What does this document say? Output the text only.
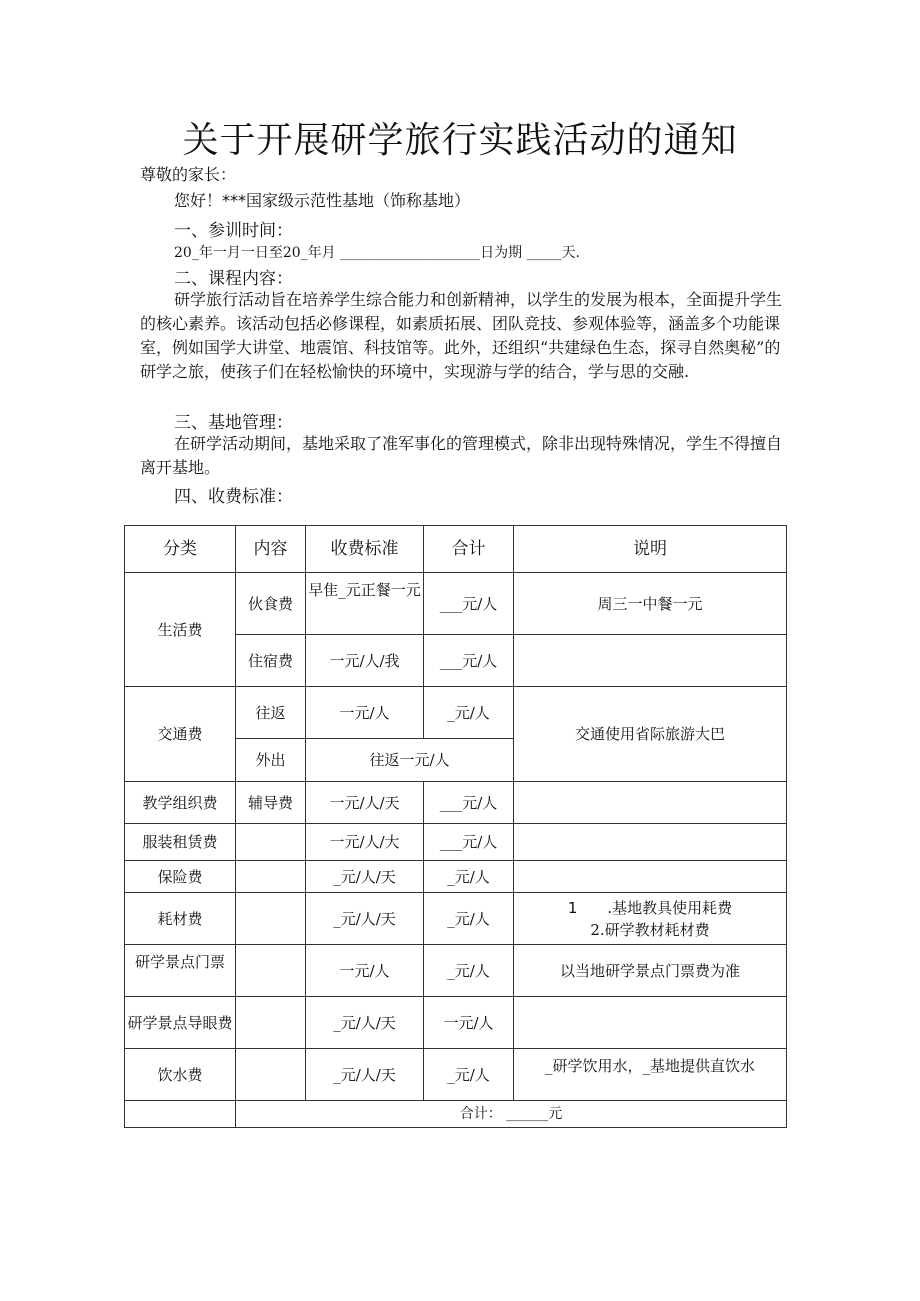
关于开展研学旅行实践活动的通知
尊敬的家长：
您好！***国家级示范性基地（饰称基地）
一、参训时间：
20_年一月一日至20_年月 ____________________日为期 _____天.
二、课程内容：
研学旅行活动旨在培养学生综合能力和创新精神，以学生的发展为根本，全面提升学生的核心素养。该活动包括必修课程，如素质拓展、团队竞技、参观体验等，涵盖多个功能课室，例如国学大讲堂、地震馆、科技馆等。此外，还组织“共建绿色生态，探寻自然奥秘”的研学之旅，使孩子们在轻松愉快的环境中，实现游与学的结合，学与思的交融.
三、基地管理：
在研学活动期间，基地采取了准军事化的管理模式，除非出现特殊情况，学生不得擅自离开基地。
四、收费标准：
分类	内容	收费标准	合计	说明
生活费	伙食费	早隹_元正餐一元	___元/人	周三一中餐一元
	住宿费	一元/人/我	___元/人	
交通费	往返	一元/人	_元/人	交通使用省际旅游大巴
	外出	往返一元/人		
教学组织费	辅导费	一元/人/天	___元/人	
服装租赁费		一元/人/大	___元/人	
保险费		_元/人/天	_元/人	
耗材费		_元/人/天	_元/人	1 .基地教具使用耗费
2.研学教材耗材费

研学景点门票		一元/人	_元/人	以当地研学景点门票费为准
研学景点导眼费		_元/人/天	一元/人	
饮水费		_元/人/天	_元/人	_研学饮用水，_基地提供直饮水
	合计： ______元			
